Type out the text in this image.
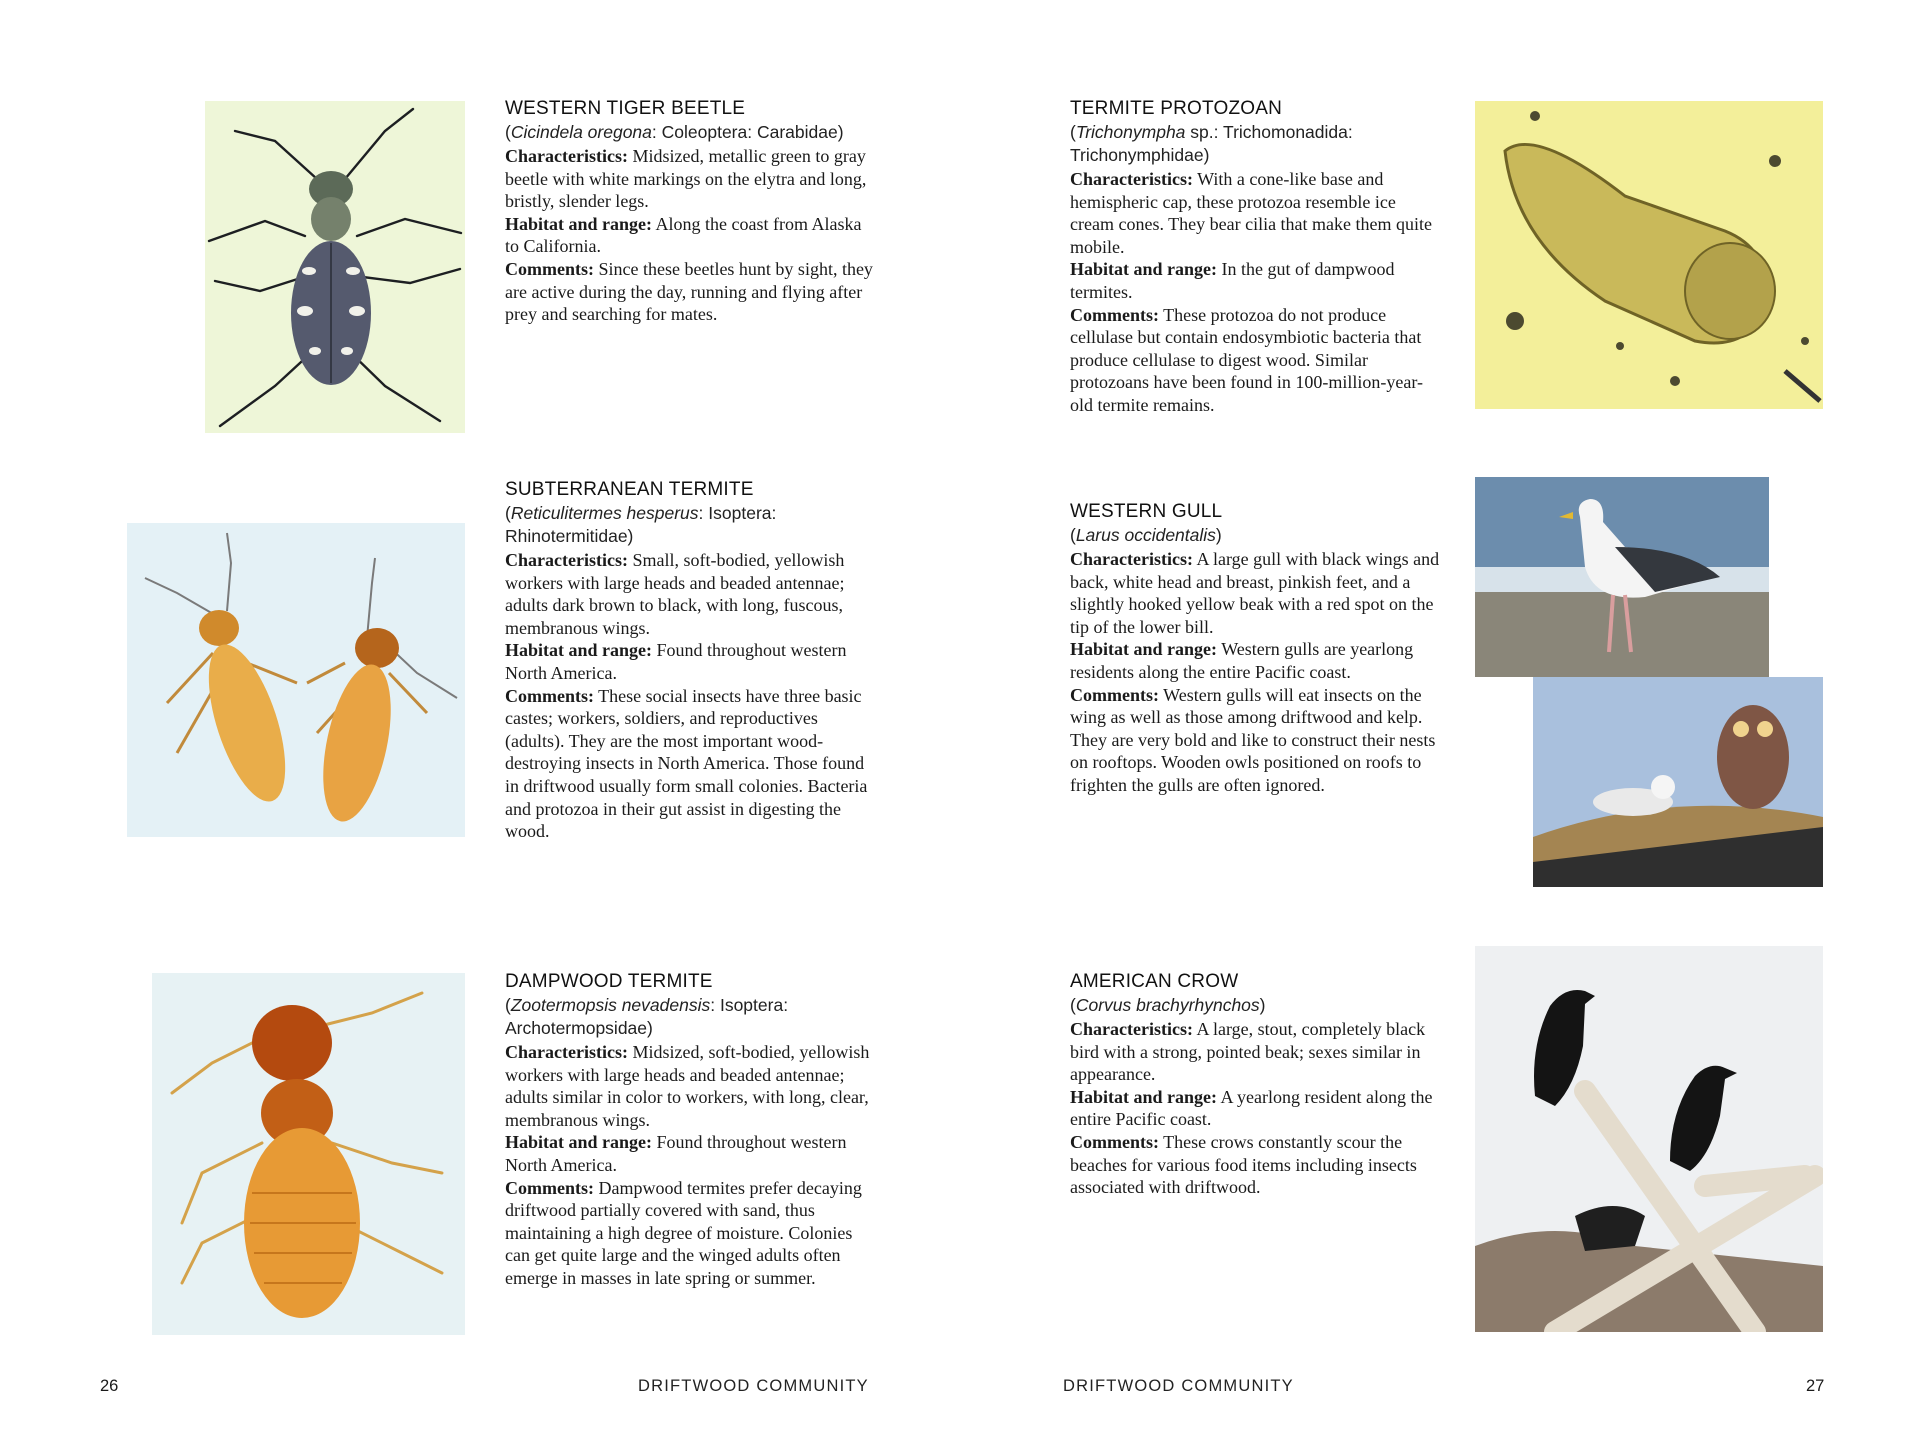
WESTERN TIGER BEETLE

(Cicindela oregona: Coleoptera: Carabidae)

Characteristics: Midsized, metallic green to gray beetle with white markings on the elytra and long, bristly, slender legs.

Habitat and range: Along the coast from Alaska to California.

Comments: Since these beetles hunt by sight, they are active during the day, running and flying after prey and searching for mates.

SUBTERRANEAN TERMITE

(Reticulitermes hesperus: Isoptera: Rhinotermitidae)

Characteristics: Small, soft-bodied, yellowish workers with large heads and beaded antennae; adults dark brown to black, with long, fuscous, membranous wings.

Habitat and range: Found throughout western North America.

Comments: These social insects have three basic castes; workers, soldiers, and reproductives (adults). They are the most important wood-destroying insects in North America. Those found in driftwood usually form small colonies. Bacteria and protozoa in their gut assist in digesting the wood.

DAMPWOOD TERMITE

(Zootermopsis nevadensis: Isoptera: Archotermopsidae)

Characteristics: Midsized, soft-bodied, yellowish workers with large heads and beaded antennae; adults similar in color to workers, with long, clear, membranous wings.

Habitat and range: Found throughout western North America.

Comments: Dampwood termites prefer decaying driftwood partially covered with sand, thus maintaining a high degree of moisture. Colonies can get quite large and the winged adults often emerge in masses in late spring or summer.

TERMITE PROTOZOAN

(Trichonympha sp.: Trichomonadida: Trichonymphidae)

Characteristics: With a cone-like base and hemispheric cap, these protozoa resemble ice cream cones. They bear cilia that make them quite mobile.

Habitat and range: In the gut of dampwood termites.

Comments: These protozoa do not produce cellulase but contain endosymbiotic bacteria that produce cellulase to digest wood. Similar protozoans have been found in 100-million-year-old termite remains.

WESTERN GULL

(Larus occidentalis)

Characteristics: A large gull with black wings and back, white head and breast, pinkish feet, and a slightly hooked yellow beak with a red spot on the tip of the lower bill.

Habitat and range: Western gulls are yearlong residents along the entire Pacific coast.

Comments: Western gulls will eat insects on the wing as well as those among driftwood and kelp. They are very bold and like to construct their nests on rooftops. Wooden owls positioned on roofs to frighten the gulls are often ignored.

AMERICAN CROW

(Corvus brachyrhynchos)

Characteristics: A large, stout, completely black bird with a strong, pointed beak; sexes similar in appearance.

Habitat and range: A yearlong resident along the entire Pacific coast.

Comments: These crows constantly scour the beaches for various food items including insects associated with driftwood.

26	DRIFTWOOD COMMUNITY	DRIFTWOOD COMMUNITY	27
